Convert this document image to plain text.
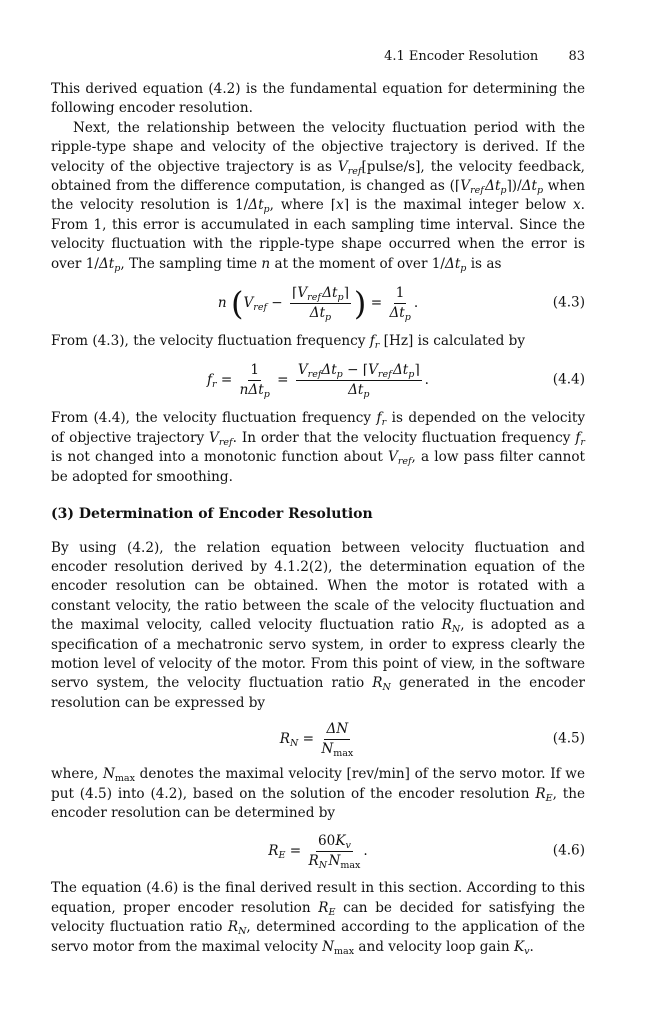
4.1 Encoder Resolution 83

This derived equation (4.2) is the fundamental equation for determining the following encoder resolution.

Next, the relationship between the velocity fluctuation period with the ripple-type shape and velocity of the objective trajectory is derived. If the velocity of the objective trajectory is as $V_{ref}[pulse/s]$, the velocity feedback, obtained from the difference computation, is changed as ($⌈V_{ref}$ $\Delta t_p⌉)/\Delta t_p$ when the velocity resolution is $1/\Delta t_p$, where ⌈x⌉ is the maximal integer below x. From 1, this error is accumulated in each sampling time interval. Since the velocity fluctuation with the ripple-type shape occurred when the error is over $1/\Delta t_p$, The sampling time n at the moment of over $1/\Delta t_p$ is as

n ($V_{ref} - \frac{⌈V_{ref} \Delta t_p⌉}{\Delta t_p}$ ) = $\frac{1}{\Delta t_p}$ .	(4.3)

From (4.3), the velocity fluctuation frequency $f_r$ [Hz] is calculated by

$f_r = \frac{1}{n\Delta t_p} = \frac{V_{ref}\Delta t_p - ⌈V_{ref} \Delta t_p⌉}{\Delta t_p}$ .	(4.4)

From (4.4), the velocity fluctuation frequency $f_r$ is depended on the velocity of objective trajectory $V_{ref}$. In order that the velocity fluctuation frequency $f_r$ is not changed into a monotonic function about $V_{ref}$, a low pass filter cannot be adopted for smoothing.

(3) Determination of Encoder Resolution

By using (4.2), the relation equation between velocity fluctuation and encoder resolution derived by 4.1.2(2), the determination equation of the encoder resolution can be obtained. When the motor is rotated with a constant velocity, the ratio between the scale of the velocity fluctuation and the maximal velocity, called velocity fluctuation ratio $R_N$, is adopted as a specification of a mechatronic servo system, in order to express clearly the motion level of velocity of the motor. From this point of view, in the software servo system, the velocity fluctuation ratio $R_N$ generated in the encoder resolution can be expressed by

$R_N = \frac{\Delta N}{N_{max}}$	(4.5)

where, $N_{max}$ denotes the maximal velocity [rev/min] of the servo motor. If we put (4.5) into (4.2), based on the solution of the encoder resolution $R_E$, the encoder resolution can be determined by

$R_E = \frac{60K_v}{R_N N_{max}}$ .	(4.6)

The equation (4.6) is the final derived result in this section. According to this equation, proper encoder resolution $R_E$ can be decided for satisfying the velocity fluctuation ratio $R_N$, determined according to the application of the servo motor from the maximal velocity $N_{max}$ and velocity loop gain $K_v$.
